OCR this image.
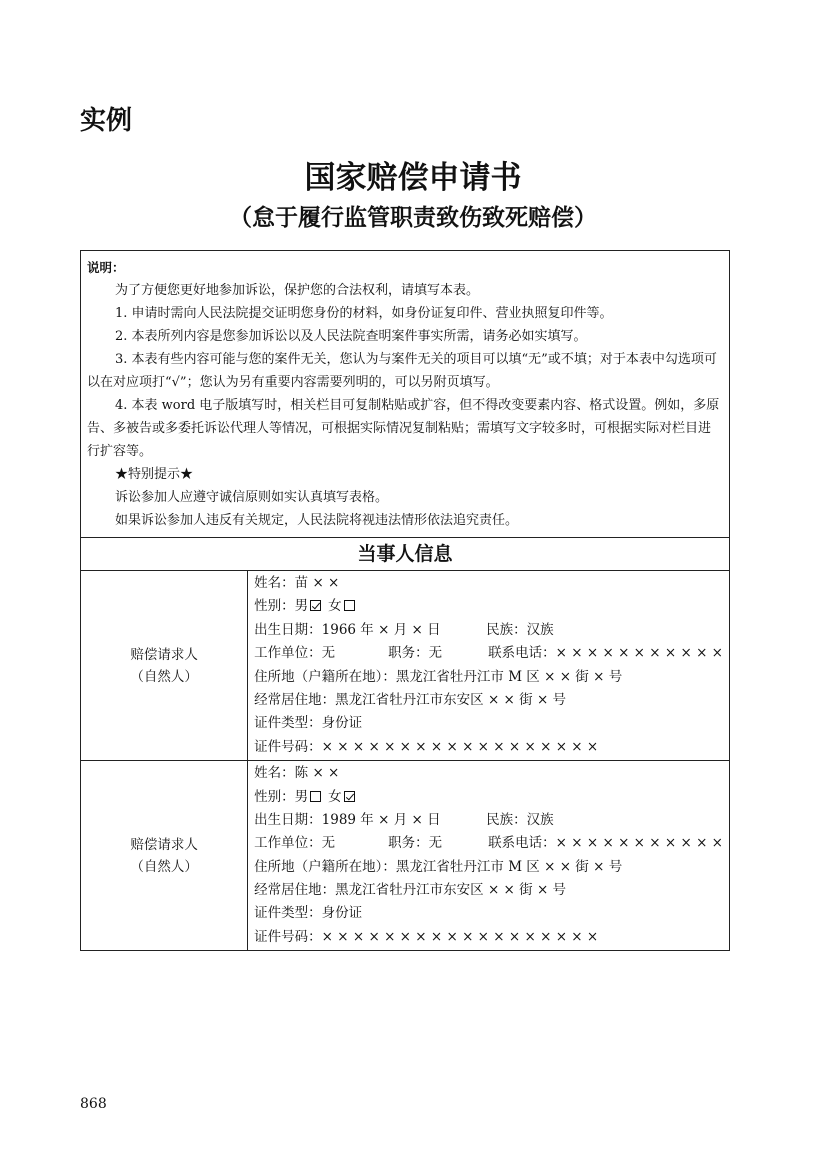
实例
国家赔偿申请书
（怠于履行监管职责致伤致死赔偿）

说明：

为了方便您更好地参加诉讼，保护您的合法权利，请填写本表。

1. 申请时需向人民法院提交证明您身份的材料，如身份证复印件、营业执照复印件等。

2. 本表所列内容是您参加诉讼以及人民法院查明案件事实所需，请务必如实填写。

3. 本表有些内容可能与您的案件无关，您认为与案件无关的项目可以填“无”或不填；对于本表中勾选项可以在对应项打“√”；您认为另有重要内容需要列明的，可以另附页填写。

4. 本表 word 电子版填写时，相关栏目可复制粘贴或扩容，但不得改变要素内容、格式设置。例如，多原告、多被告或多委托诉讼代理人等情况，可根据实际情况复制粘贴；需填写文字较多时，可根据实际对栏目进行扩容等。

★特别提示★

诉讼参加人应遵守诚信原则如实认真填写表格。

如果诉讼参加人违反有关规定，人民法院将视违法情形依法追究责任。

当事人信息
赔偿请求人
（自然人）
姓名：苗 × ×
性别：男 女
出生日期：1966 年 × 月 × 日	民族：汉族
工作单位：无	职务：无	联系电话：× × × × × × × × × × ×
住所地（户籍所在地）：黑龙江省牡丹江市 M 区 × × 街 × 号
经常居住地：黑龙江省牡丹江市东安区 × × 街 × 号
证件类型：身份证
证件号码：× × × × × × × × × × × × × × × × × ×
赔偿请求人
（自然人）
姓名：陈 × ×
性别：男 女
出生日期：1989 年 × 月 × 日	民族：汉族
工作单位：无	职务：无	联系电话：× × × × × × × × × × ×
住所地（户籍所在地）：黑龙江省牡丹江市 M 区 × × 街 × 号
经常居住地：黑龙江省牡丹江市东安区 × × 街 × 号
证件类型：身份证
证件号码：× × × × × × × × × × × × × × × × × ×
868
